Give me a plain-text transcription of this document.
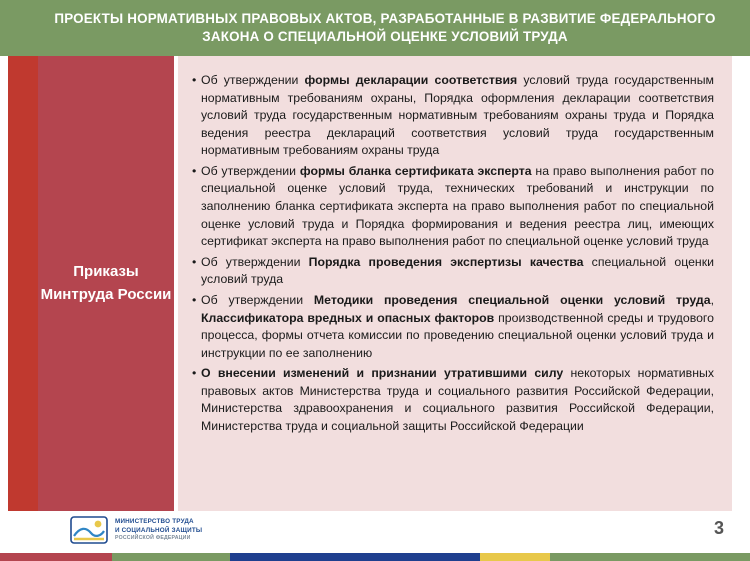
ПРОЕКТЫ НОРМАТИВНЫХ ПРАВОВЫХ АКТОВ, РАЗРАБОТАННЫЕ В РАЗВИТИЕ ФЕДЕРАЛЬНОГО ЗАКОНА О СПЕЦИАЛЬНОЙ ОЦЕНКЕ УСЛОВИЙ ТРУДА
Приказы Минтруда России
• Об утверждении формы декларации соответствия условий труда государственным нормативным требованиям охраны, Порядка оформления декларации соответствия условий труда государственным нормативным требованиям охраны труда и Порядка ведения реестра деклараций соответствия условий труда государственным нормативным требованиям охраны труда
• Об утверждении формы бланка сертификата эксперта на право выполнения работ по специальной оценке условий труда, технических требований и инструкции по заполнению бланка сертификата эксперта на право выполнения работ по специальной оценке условий труда и Порядка формирования и ведения реестра лиц, имеющих сертификат эксперта на право выполнения работ по специальной оценке условий труда
• Об утверждении Порядка проведения экспертизы качества специальной оценки условий труда
• Об утверждении Методики проведения специальной оценки условий труда, Классификатора вредных и опасных факторов производственной среды и трудового процесса, формы отчета комиссии по проведению специальной оценки условий труда и инструкции по ее заполнению
• О внесении изменений и признании утратившими силу некоторых нормативных правовых актов Министерства труда и социального развития Российской Федерации, Министерства здравоохранения и социального развития Российской Федерации, Министерства труда и социальной защиты Российской Федерации
МИНИСТЕРСТВО ТРУДА
И СОЦИАЛЬНОЙ ЗАЩИТЫ
РОССИЙСКОЙ ФЕДЕРАЦИИ	3
